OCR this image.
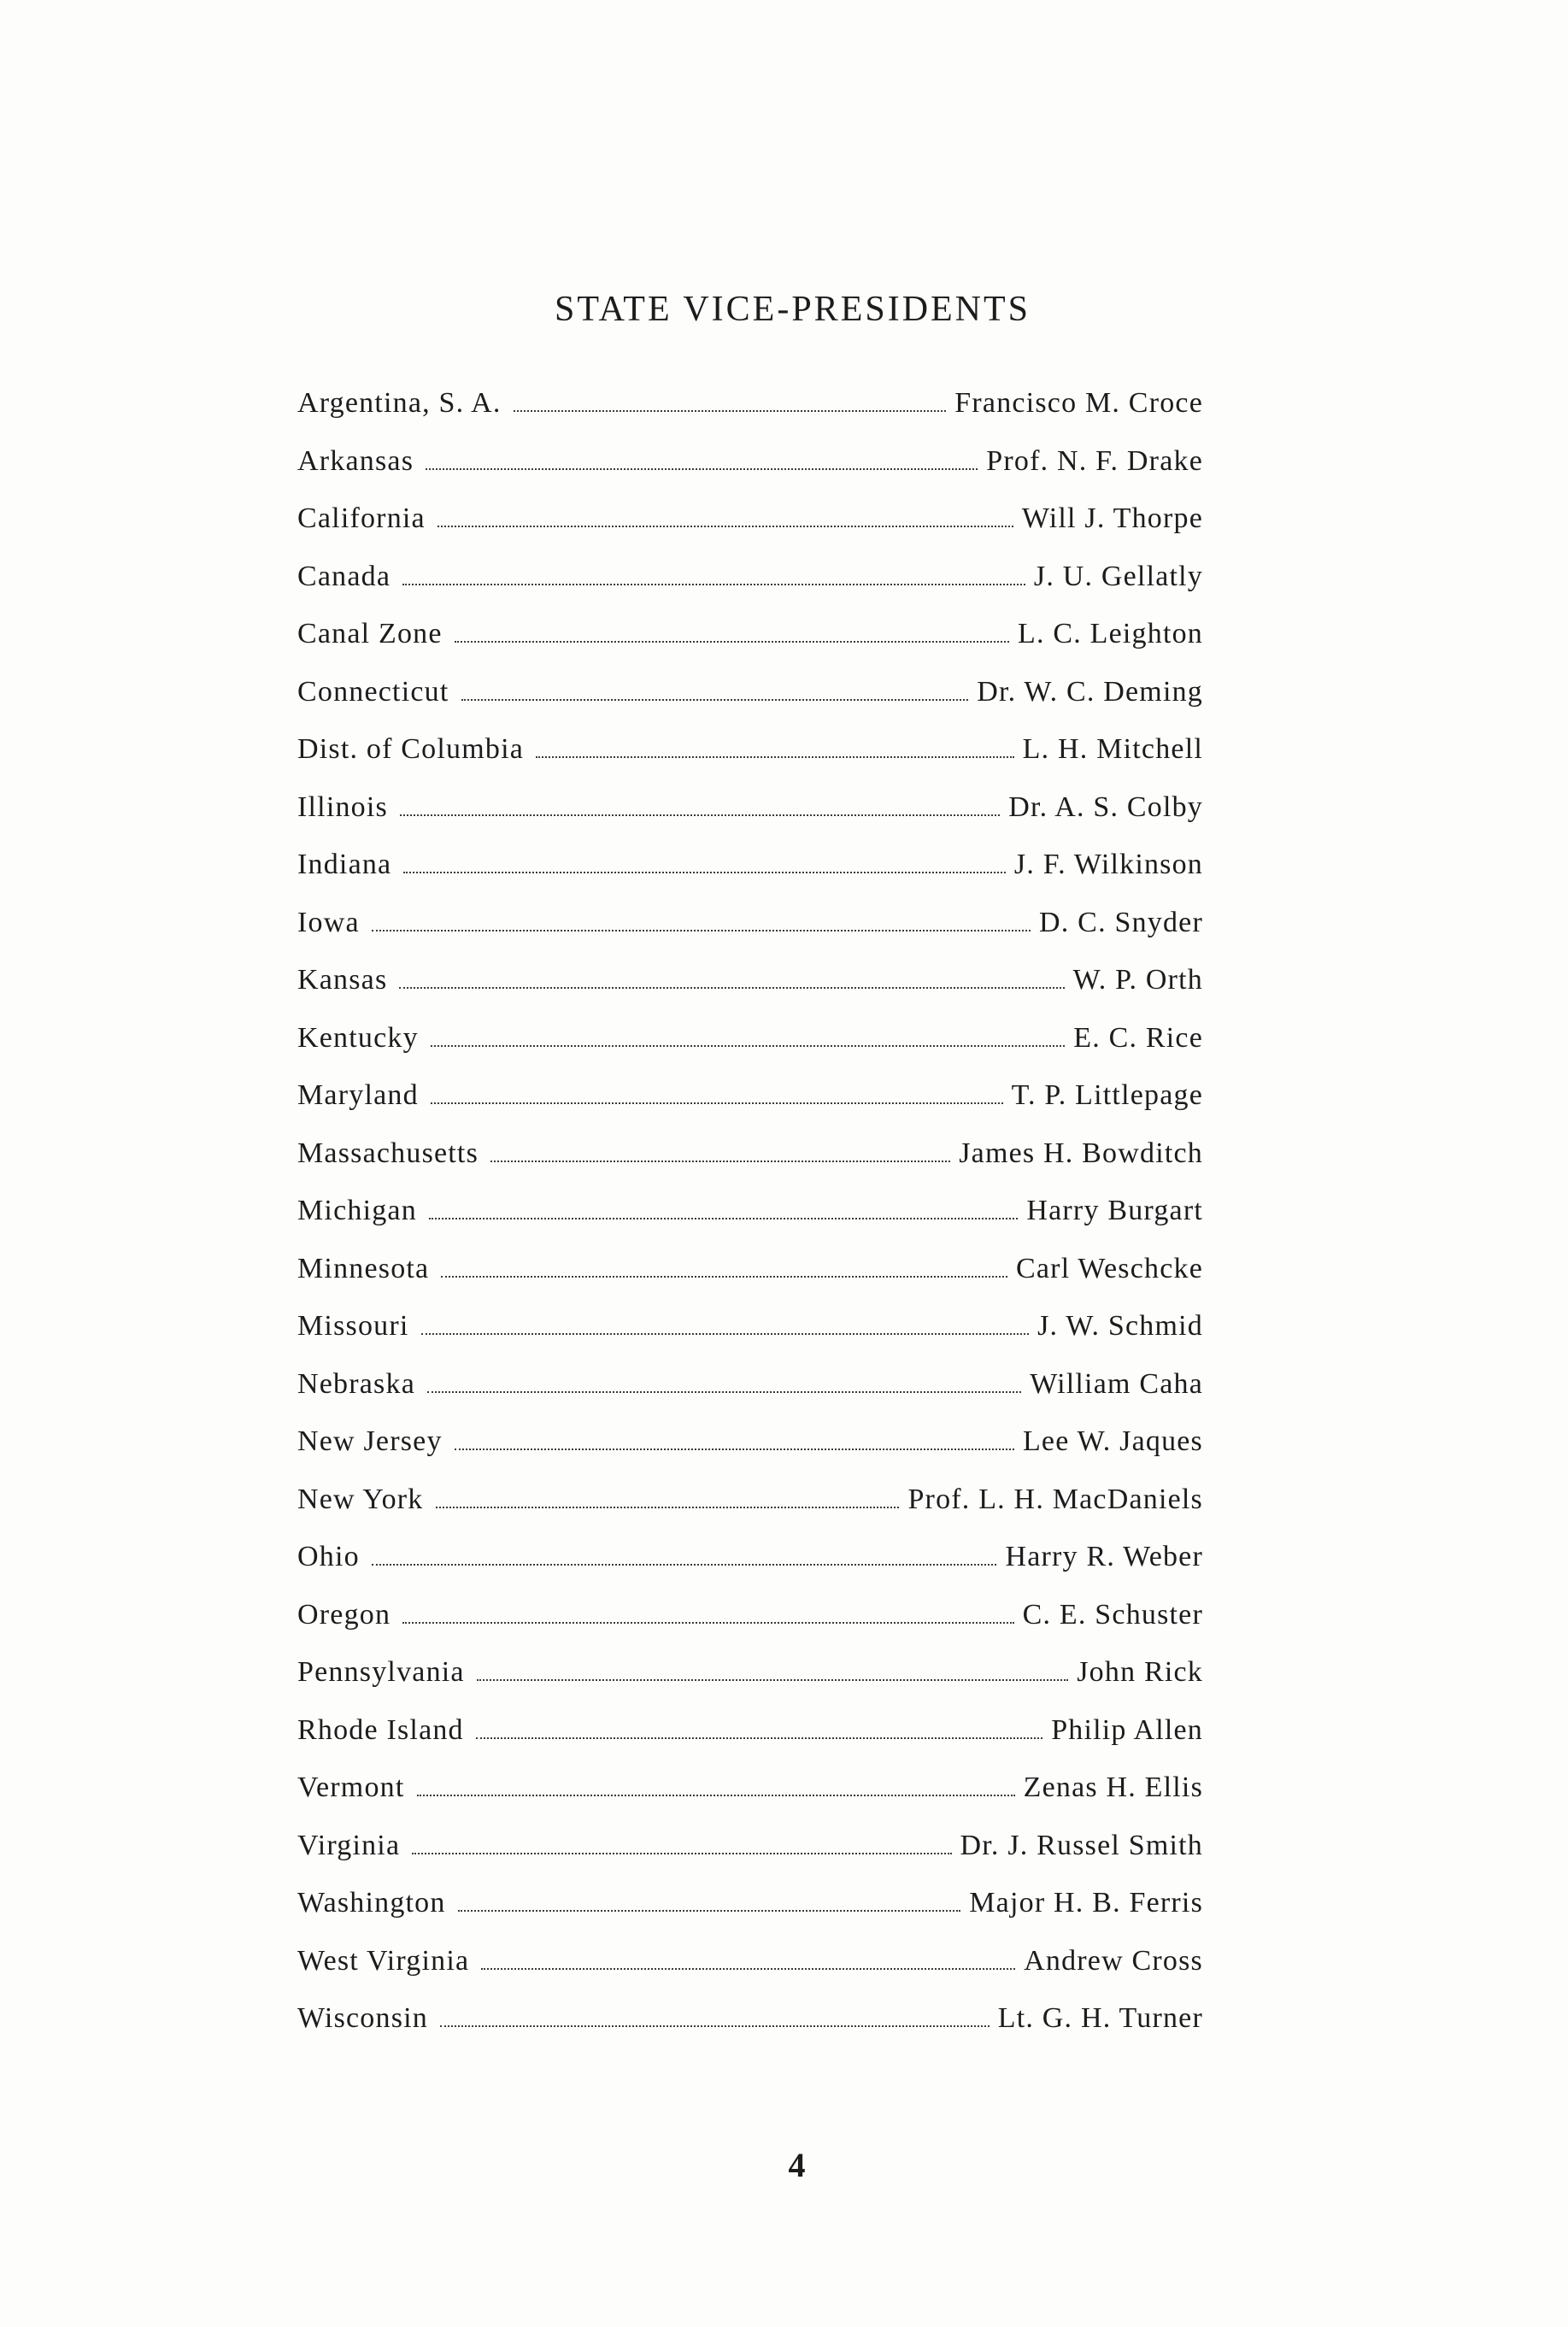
STATE VICE-PRESIDENTS
Argentina, S. A.	Francisco M. Croce
Arkansas	Prof. N. F. Drake
California	Will J. Thorpe
Canada	J. U. Gellatly
Canal Zone	L. C. Leighton
Connecticut	Dr. W. C. Deming
Dist. of Columbia	L. H. Mitchell
Illinois	Dr. A. S. Colby
Indiana	J. F. Wilkinson
Iowa	D. C. Snyder
Kansas	W. P. Orth
Kentucky	E. C. Rice
Maryland	T. P. Littlepage
Massachusetts	James H. Bowditch
Michigan	Harry Burgart
Minnesota	Carl Weschcke
Missouri	J. W. Schmid
Nebraska	William Caha
New Jersey	Lee W. Jaques
New York	Prof. L. H. MacDaniels
Ohio	Harry R. Weber
Oregon	C. E. Schuster
Pennsylvania	John Rick
Rhode Island	Philip Allen
Vermont	Zenas H. Ellis
Virginia	Dr. J. Russel Smith
Washington	Major H. B. Ferris
West Virginia	Andrew Cross
Wisconsin	Lt. G. H. Turner
4
